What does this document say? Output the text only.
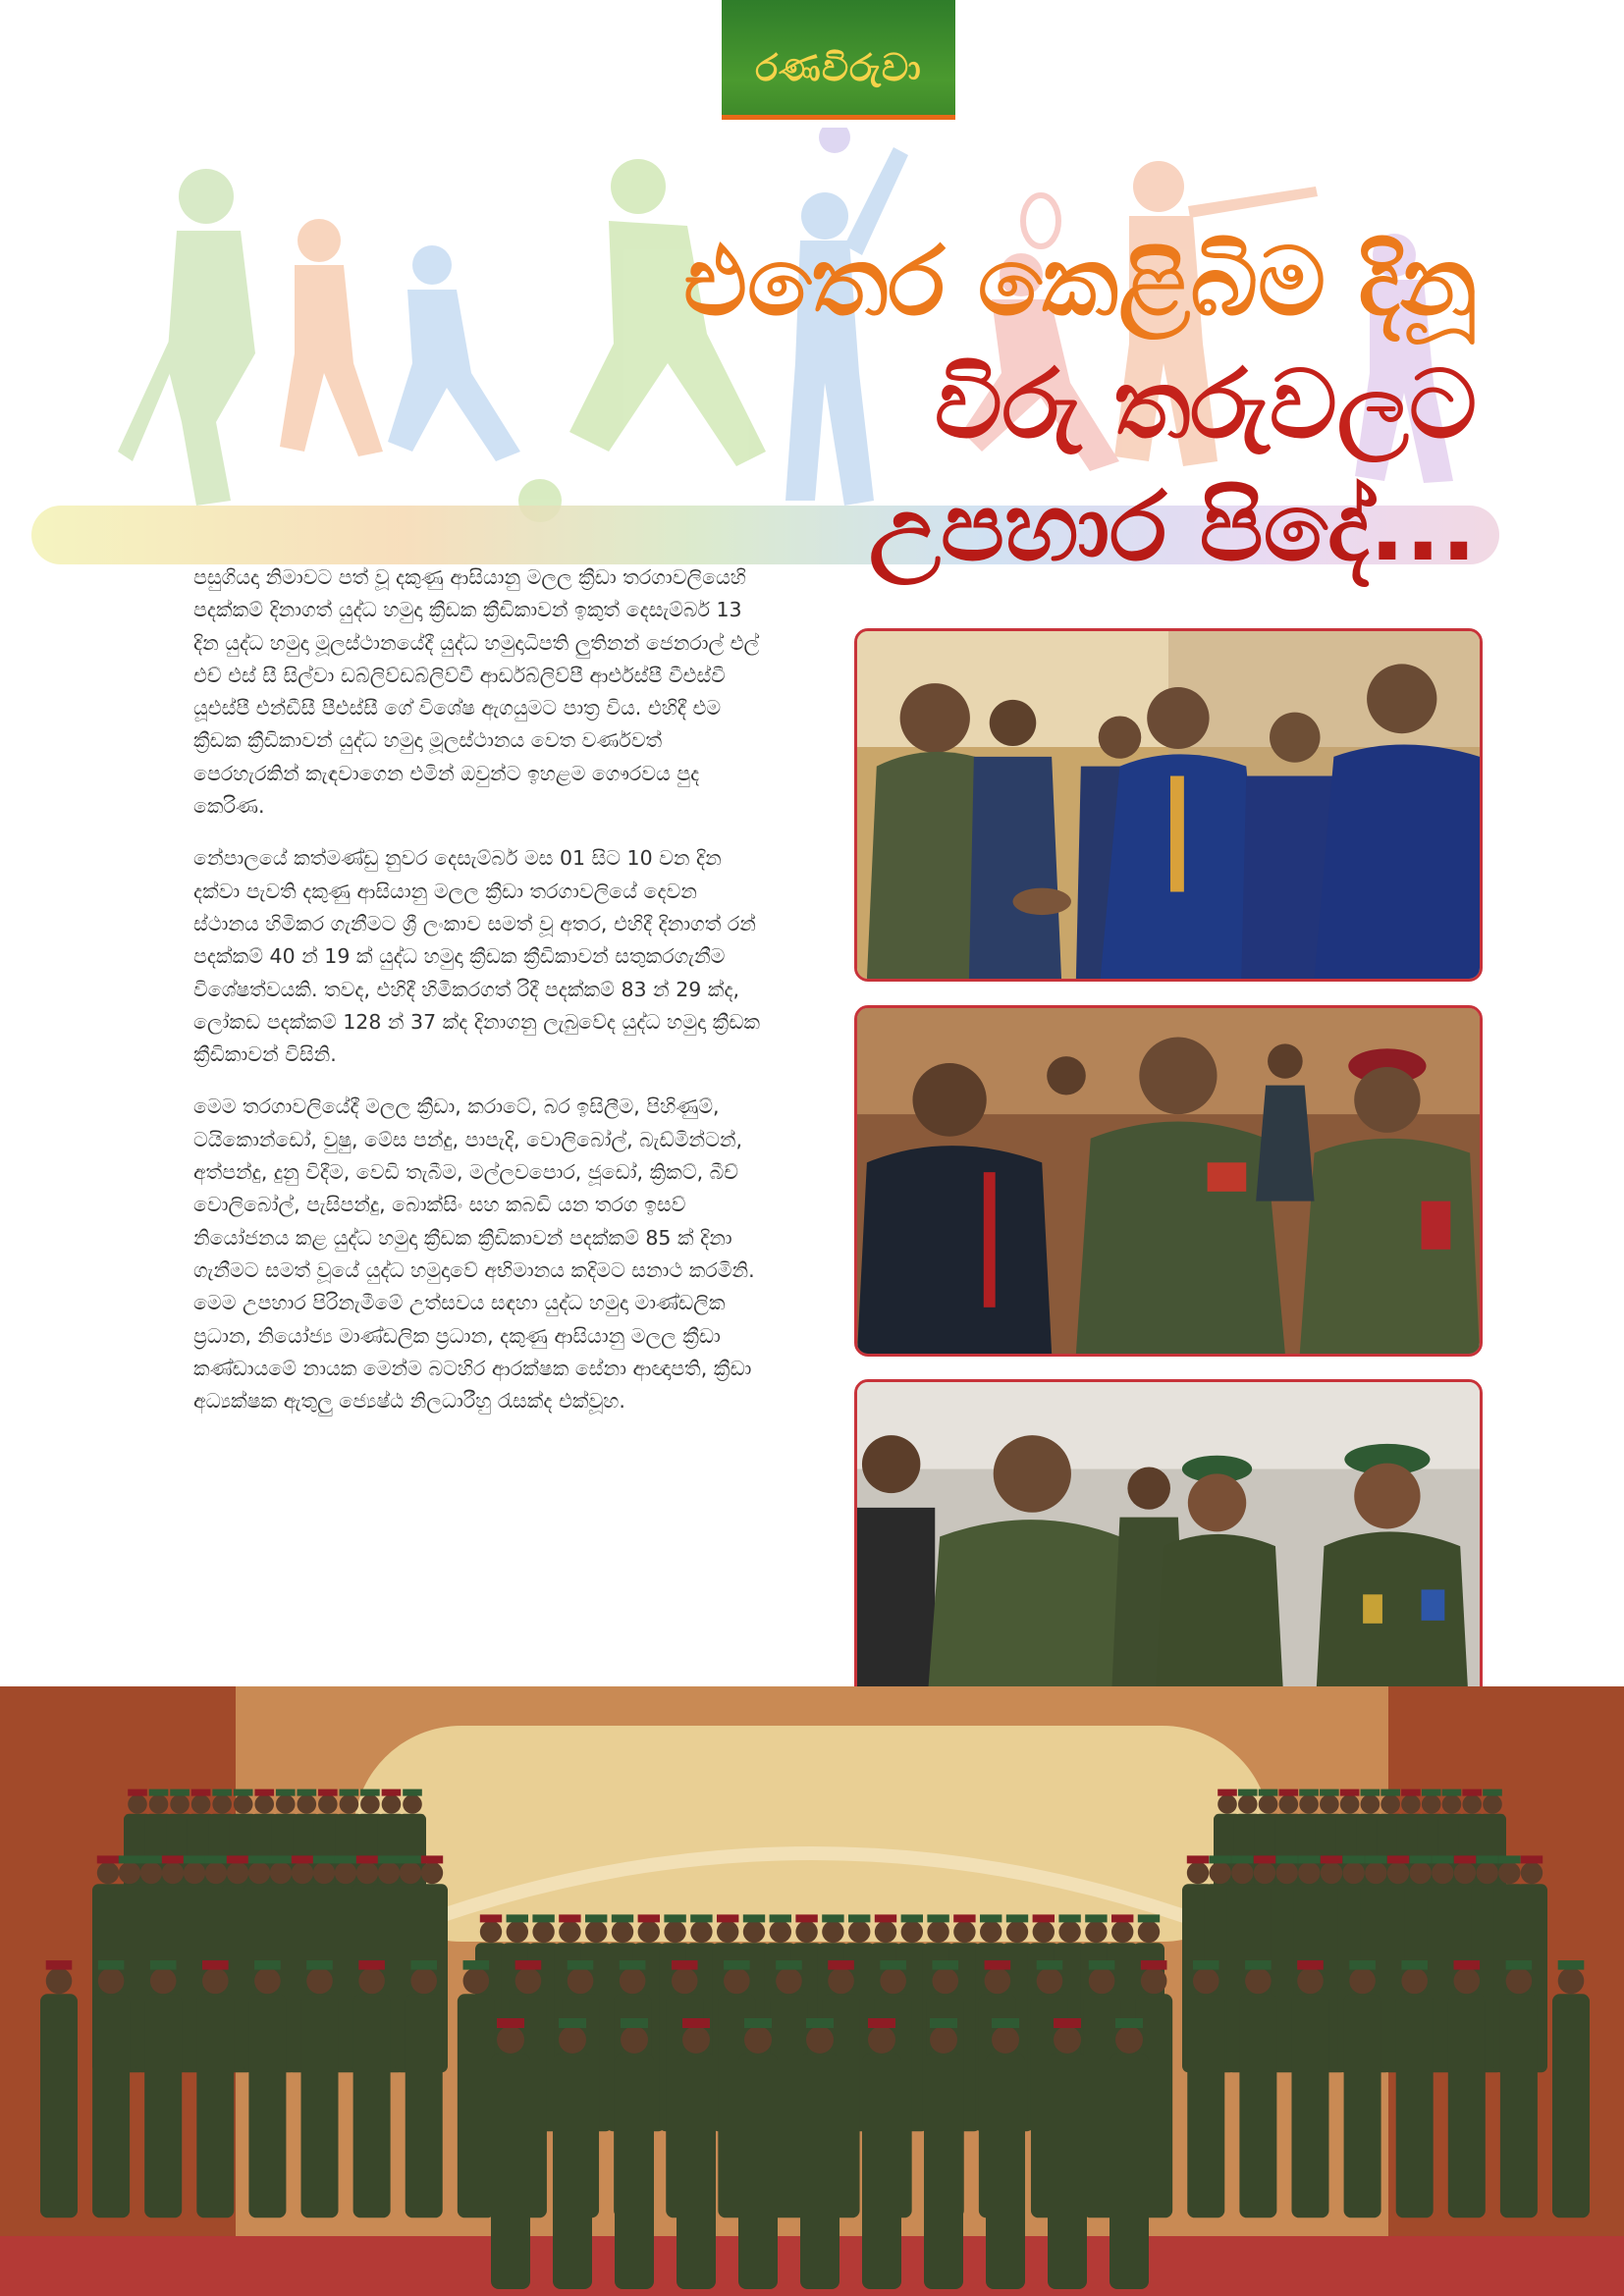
රණවිරුවා
එතෙර කෙළිබිම දිනූ
විරු තරුවලට
උපහාර පිදේ...

පසුගියදා නිමාවට පත් වූ දකුණු ආසියානු මලල ක්‍රීඩා තරගාවලියෙහි පදක්කම් දිනාගත් යුද්ධ හමුදා ක්‍රීඩක ක්‍රීඩිකාවන් ඉකුත් දෙසැම්බර් 13 දින යුද්ධ හමුදා මූලස්ථානයේදී යුද්ධ හමුදාධිපති ලුතිනන් ජෙනරාල් එල් එච් එස් සී සිල්වා ඩබ්ලිව්ඩබ්ලිව්වී ආර්ඩබ්ලිව්පී ආර්එස්පී වීඑස්වී යූඑස්පී එන්ඩීසී පීඑස්සී ගේ විශේෂ ඇගයුමට පාත්‍ර විය. එහිදී එම ක්‍රීඩක ක්‍රීඩිකාවන් යුද්ධ හමුදා මූලස්ථානය වෙත වර්ණවත් පෙරහැරකින් කැඳවාගෙන එමින් ඔවුන්ට ඉහළම ගෞරවය පුද කෙරිණ.

නේපාලයේ කත්මණ්ඩු නුවර දෙසැම්බර් මස 01 සිට 10 වන දින දක්වා පැවති දකුණු ආසියානු මලල ක්‍රීඩා තරගාවලියේ දෙවන ස්ථානය හිමිකර ගැනීමට ශ්‍රී ලංකාව සමත් වූ අතර, එහිදී දිනාගත් රන් පදක්කම් 40 න් 19 ක් යුද්ධ හමුදා ක්‍රීඩක ක්‍රීඩිකාවන් සතුකරගැනීම විශේෂත්වයකි. තවද, එහිදී හිමිකරගත් රිදී පදක්කම් 83 න් 29 ක්ද, ලෝකඩ පදක්කම් 128 න් 37 ක්ද දිනාගනු ලැබුවේද යුද්ධ හමුදා ක්‍රීඩක ක්‍රීඩිකාවන් විසිනි.

මෙම තරගාවලියේදී මලල ක්‍රීඩා, කරාටේ, බර ඉසිලීම, පිහිණුම්, ටයිකොන්ඩෝ, වුෂු, මේස පන්දු, පාපැදි, වොලිබෝල්, බැඩ්මින්ටන්, අත්පන්දු, දුනු විදීම, වෙඩි තැබීම, මල්ලවපොර, ජූඩෝ, ක්‍රිකට්, බීච් වොලිබෝල්, පැසිපන්දු, බොක්සිං සහ කබඩි යන තරග ඉසව් නියෝජනය කළ යුද්ධ හමුදා ක්‍රීඩක ක්‍රීඩිකාවන් පදක්කම් 85 ක් දිනා ගැනීමට සමත් වූයේ යුද්ධ හමුදාවේ අභිමානය කදිමට සනාථ කරමිනි. මෙම උපහාර පිරිනැමීමේ උත්සවය සඳහා යුද්ධ හමුදා මාණ්ඩලික ප්‍රධාන, නියෝජ්‍ය මාණ්ඩලික ප්‍රධාන, දකුණු ආසියානු මලල ක්‍රීඩා කණ්ඩායමේ නායක මෙන්ම බටහිර ආරක්ෂක සේනා ආඥාපති, ක්‍රීඩා අධ්‍යක්ෂක ඇතුලු ජ්‍යෙෂ්ඨ නිලධාරීහු රැසක්ද එක්වූහ.
